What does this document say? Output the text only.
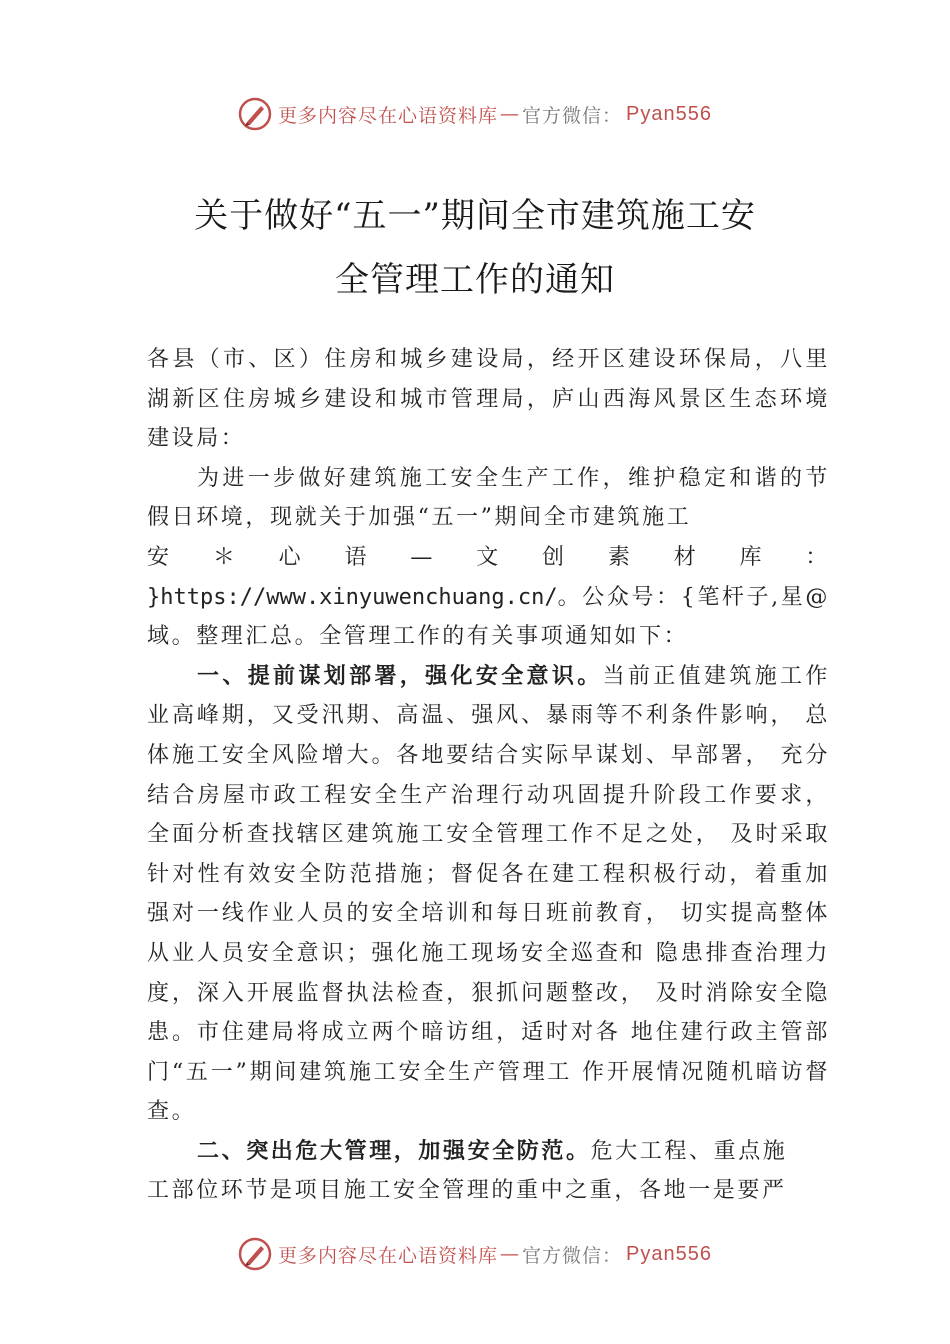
更多内容尽在心语资料库 — 官方微信： Pyan556
关于做好“五一”期间全市建筑施工安
全管理工作的通知

各县（市、区）住房和城乡建设局，经开区建设环保局，八里湖新区住房城乡建设和城市管理局，庐山西海风景区生态环境建设局：

为进一步做好建筑施工安全生产工作，维护稳定和谐的节假日环境，现就关于加强“五一”期间全市建筑施工

安＊心语—文创素材库：

}https://www.xinyuwenchuang.cn/。公众号：{笔杆子,星@域。整理汇总。全管理工作的有关事项通知如下：

一、提前谋划部署，强化安全意识。当前正值建筑施工作业高峰期，又受汛期、高温、强风、暴雨等不利条件影响， 总体施工安全风险增大。各地要结合实际早谋划、早部署， 充分结合房屋市政工程安全生产治理行动巩固提升阶段工作要求，全面分析查找辖区建筑施工安全管理工作不足之处， 及时采取针对性有效安全防范措施；督促各在建工程积极行动，着重加强对一线作业人员的安全培训和每日班前教育， 切实提高整体从业人员安全意识；强化施工现场安全巡查和 隐患排查治理力度，深入开展监督执法检查，狠抓问题整改， 及时消除安全隐患。市住建局将成立两个暗访组，适时对各 地住建行政主管部门“五一”期间建筑施工安全生产管理工 作开展情况随机暗访督查。

二、突出危大管理，加强安全防范。危大工程、重点施

工部位环节是项目施工安全管理的重中之重，各地一是要严

更多内容尽在心语资料库 — 官方微信： Pyan556
